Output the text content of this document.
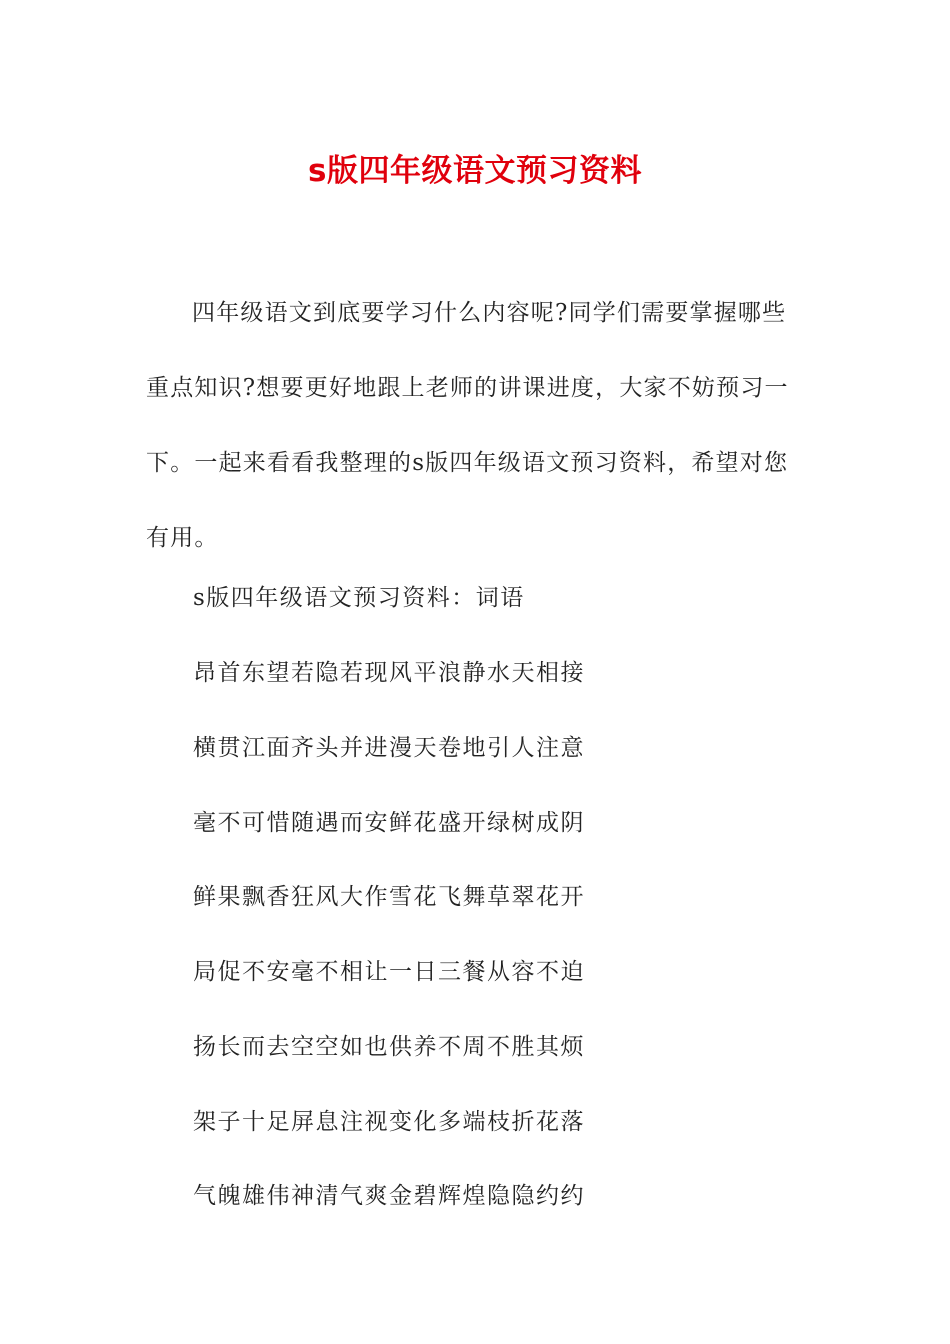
s版四年级语文预习资料

四年级语文到底要学习什么内容呢?同学们需要掌握哪些重点知识?想要更好地跟上老师的讲课进度，大家不妨预习一下。一起来看看我整理的s版四年级语文预习资料，希望对您有用。

s版四年级语文预习资料：词语

昂首东望若隐若现风平浪静水天相接

横贯江面齐头并进漫天卷地引人注意

毫不可惜随遇而安鲜花盛开绿树成阴

鲜果飘香狂风大作雪花飞舞草翠花开

局促不安毫不相让一日三餐从容不迫

扬长而去空空如也供养不周不胜其烦

架子十足屏息注视变化多端枝折花落

气魄雄伟神清气爽金碧辉煌隐隐约约
